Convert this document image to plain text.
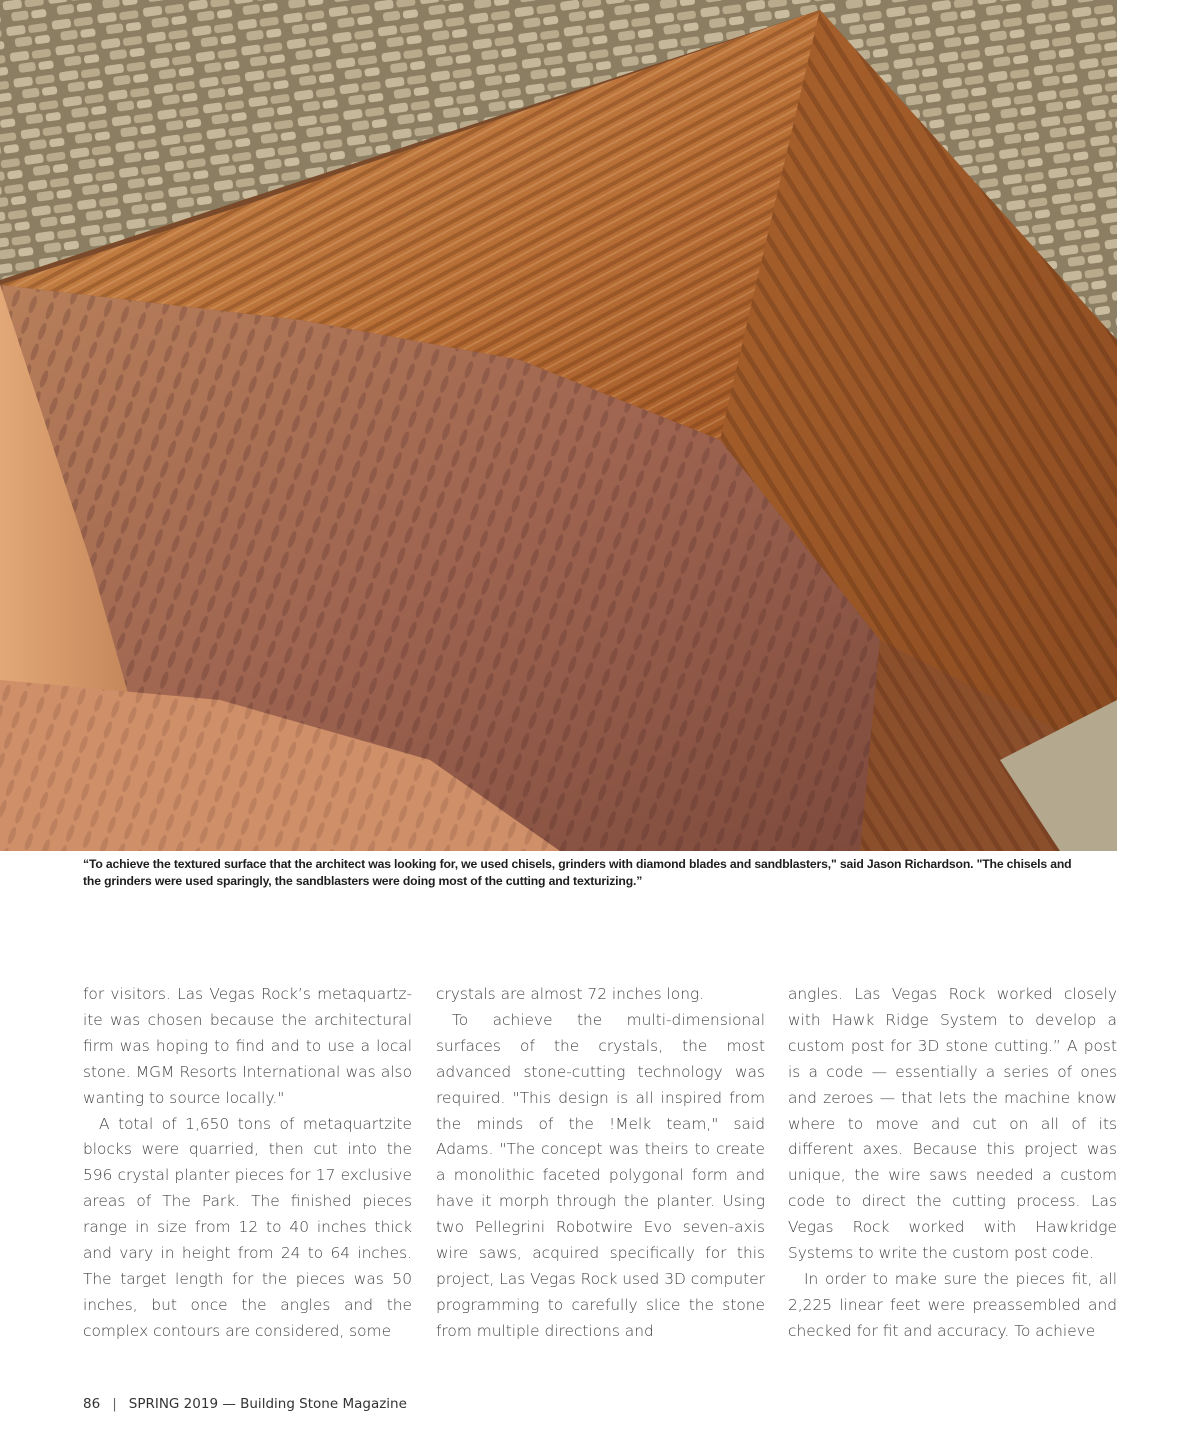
“To achieve the textured surface that the architect was looking for, we used chisels, grinders with diamond blades and sandblasters," said Jason Richardson. "The chisels and the grinders were used sparingly, the sandblasters were doing most of the cutting and texturizing.”

for visitors. Las Vegas Rock’s metaquartzite was chosen because the architectural firm was hoping to find and to use a local stone. MGM Resorts International was also wanting to source locally."

A total of 1,650 tons of metaquartzite blocks were quarried, then cut into the 596 crystal planter pieces for 17 exclusive areas of The Park. The finished pieces range in size from 12 to 40 inches thick and vary in height from 24 to 64 inches. The target length for the pieces was 50 inches, but once the angles and the complex contours are considered, some

crystals are almost 72 inches long.

To achieve the multi-dimensional surfaces of the crystals, the most advanced stone-cutting technology was required. "This design is all inspired from the minds of the !Melk team," said Adams. "The concept was theirs to create a monolithic faceted polygonal form and have it morph through the planter. Using two Pellegrini Robotwire Evo seven-axis wire saws, acquired specifically for this project, Las Vegas Rock used 3D computer programming to carefully slice the stone from multiple directions and

angles. Las Vegas Rock worked closely with Hawk Ridge System to develop a custom post for 3D stone cutting.” A post is a code — essentially a series of ones and zeroes — that lets the machine know where to move and cut on all of its different axes. Because this project was unique, the wire saws needed a custom code to direct the cutting process. Las Vegas Rock worked with Hawkridge Systems to write the custom post code.

In order to make sure the pieces fit, all 2,225 linear feet were preassembled and checked for fit and accuracy. To achieve

86 | SPRING 2019 — Building Stone Magazine
